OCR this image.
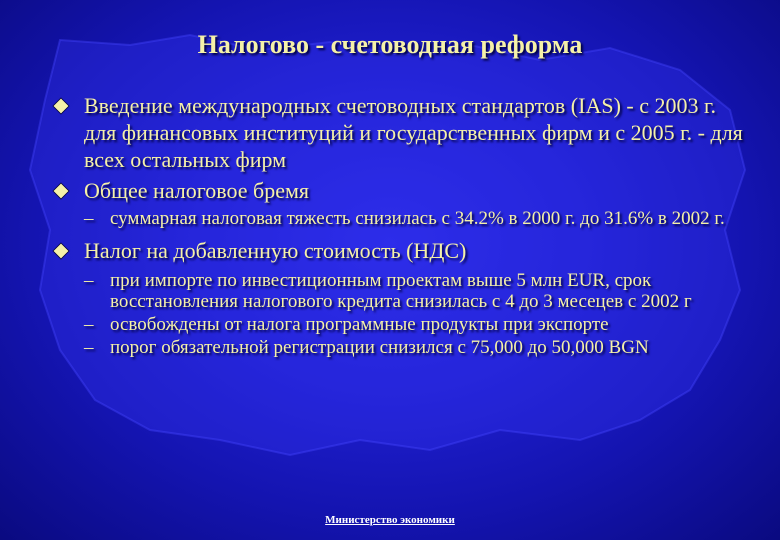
Налогово - счетоводная реформа
Введение международных счетоводных стандартов (IAS) - с 2003 г. для финансовых институций и государственных фирм и с 2005 г. - для всех остальных фирм
Общее налоговое бремя
– суммарная налоговая тяжесть снизилась с 34.2% в 2000 г. до 31.6% в 2002 г.
Налог на добавленную стоимость (НДС)
– при импорте по инвестиционным проектам выше 5 млн EUR, срок восстановления налогового кредита снизилась с 4 до 3 месецев с 2002 г
– освобождены от налога программные продукты при экспорте
– порог обязательной регистрации снизился с 75,000 до 50,000 BGN
Министерство экономики
